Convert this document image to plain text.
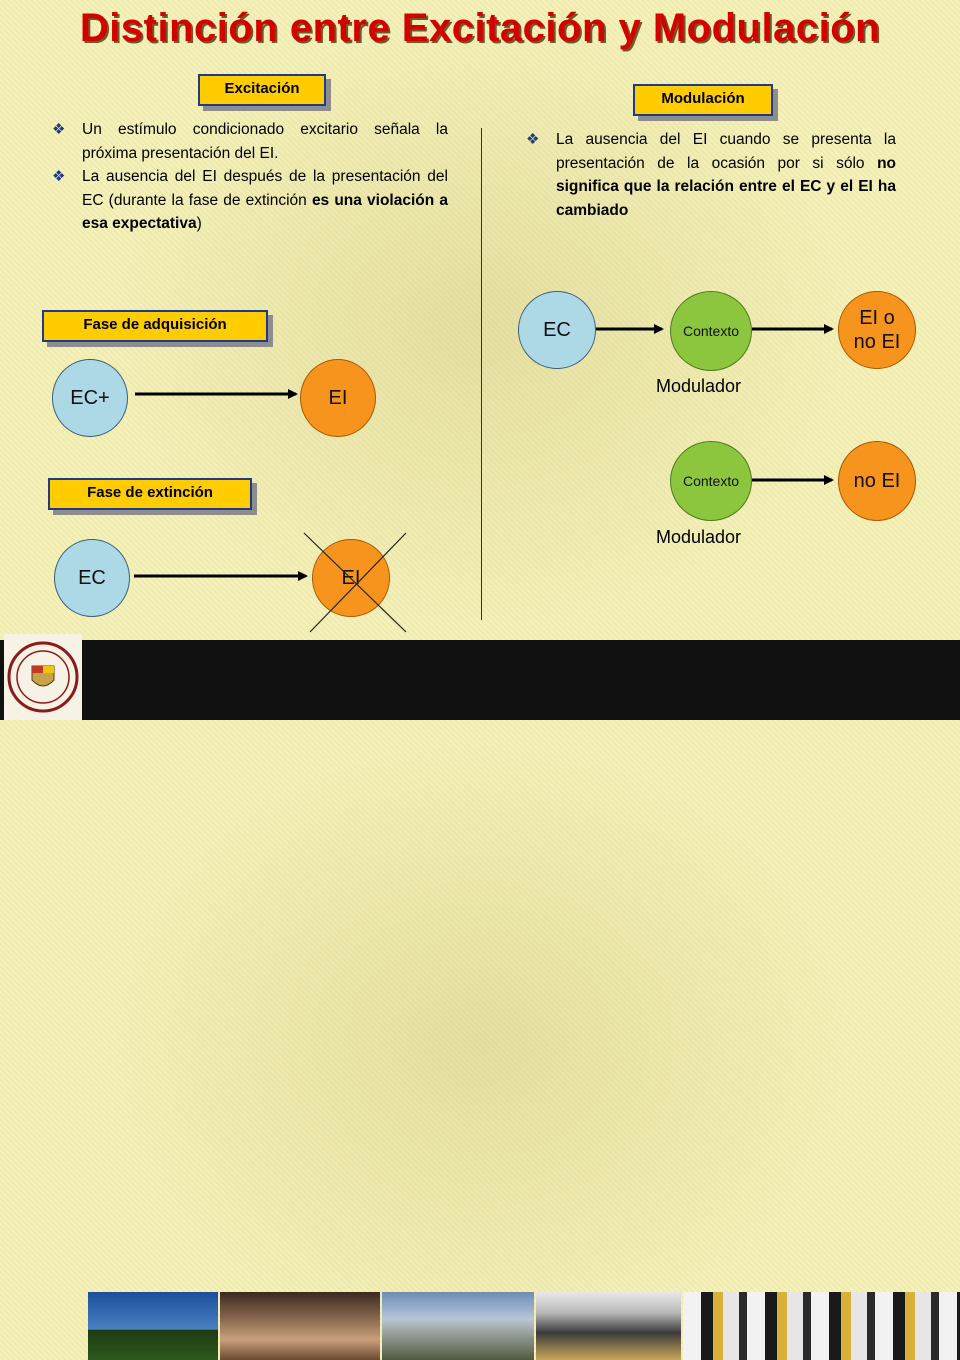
Distinción entre Excitación y Modulación
Excitación
❖	Un estímulo condicionado excitario señala la próxima presentación del EI.
❖	La ausencia del EI después de la presentación del EC (durante la fase de extinción es una violación a esa expectativa)
Fase de adquisición
EC+	EI
Fase de extinción
EC	EI
Modulación
❖	La ausencia del EI cuando se presenta la presentación de la ocasión por si sólo no significa que la relación entre el EC y el EI ha cambiado
EC	Contexto
EI o
no EI
Modulador
Contexto	no EI
Modulador
